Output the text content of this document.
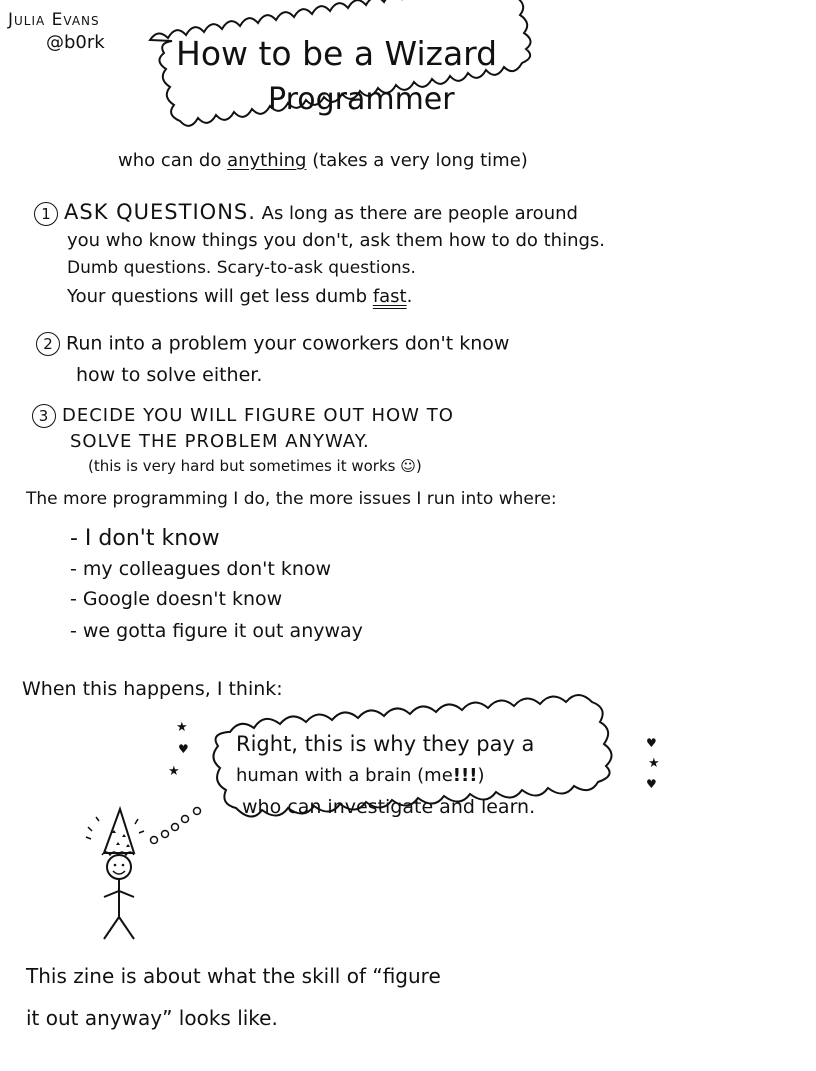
Julia Evans
@b0rk How to be a Wizard
Programmer
who can do anything (takes a very long time)
1 ASK QUESTIONS. As long as there are people around
you who know things you don't, ask them how to do things.
Dumb questions. Scary-to-ask questions.
Your questions will get less dumb fast.
2 Run into a problem your coworkers don't know
how to solve either.
3 DECIDE YOU WILL FIGURE OUT HOW TO
SOLVE THE PROBLEM ANYWAY.
(this is very hard but sometimes it works ☺)
The more programming I do, the more issues I run into where:
- I don't know
- my colleagues don't know
- Google doesn't know
- we gotta figure it out anyway
When this happens, I think:
Right, this is why they pay a
human with a brain (me!!!)
who can investigate and learn.
★
♥
★
♥
★
♥
This zine is about what the skill of “figure
it out anyway” looks like.
